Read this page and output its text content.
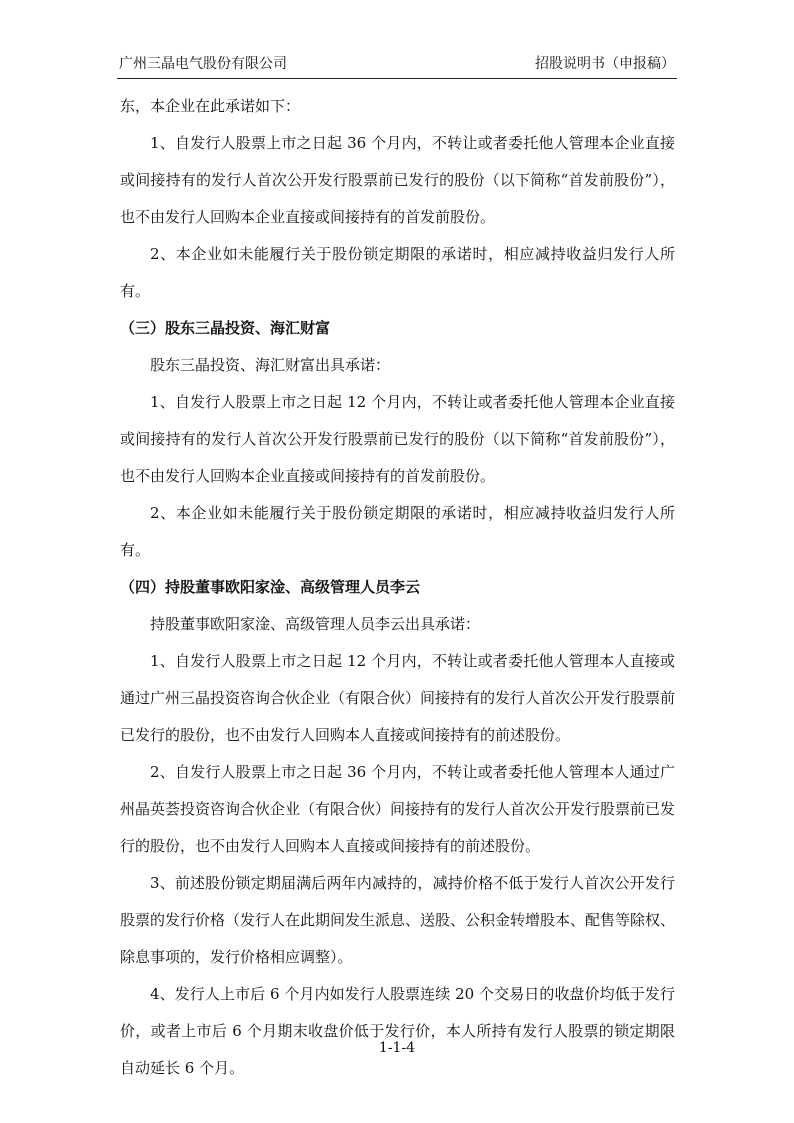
广州三晶电气股份有限公司	招股说明书（申报稿）

东，本企业在此承诺如下：

1、自发行人股票上市之日起 36 个月内，不转让或者委托他人管理本企业直接或间接持有的发行人首次公开发行股票前已发行的股份（以下简称“首发前股份”），也不由发行人回购本企业直接或间接持有的首发前股份。

2、本企业如未能履行关于股份锁定期限的承诺时，相应减持收益归发行人所有。

（三）股东三晶投资、海汇财富

股东三晶投资、海汇财富出具承诺：

1、自发行人股票上市之日起 12 个月内，不转让或者委托他人管理本企业直接或间接持有的发行人首次公开发行股票前已发行的股份（以下简称“首发前股份”），也不由发行人回购本企业直接或间接持有的首发前股份。

2、本企业如未能履行关于股份锁定期限的承诺时，相应减持收益归发行人所有。

（四）持股董事欧阳家淦、高级管理人员李云

持股董事欧阳家淦、高级管理人员李云出具承诺：

1、自发行人股票上市之日起 12 个月内，不转让或者委托他人管理本人直接或通过广州三晶投资咨询合伙企业（有限合伙）间接持有的发行人首次公开发行股票前已发行的股份，也不由发行人回购本人直接或间接持有的前述股份。

2、自发行人股票上市之日起 36 个月内，不转让或者委托他人管理本人通过广州晶英荟投资咨询合伙企业（有限合伙）间接持有的发行人首次公开发行股票前已发行的股份，也不由发行人回购本人直接或间接持有的前述股份。

3、前述股份锁定期届满后两年内减持的，减持价格不低于发行人首次公开发行股票的发行价格（发行人在此期间发生派息、送股、公积金转增股本、配售等除权、除息事项的，发行价格相应调整）。

4、发行人上市后 6 个月内如发行人股票连续 20 个交易日的收盘价均低于发行价，或者上市后 6 个月期末收盘价低于发行价，本人所持有发行人股票的锁定期限自动延长 6 个月。

1-1-4
